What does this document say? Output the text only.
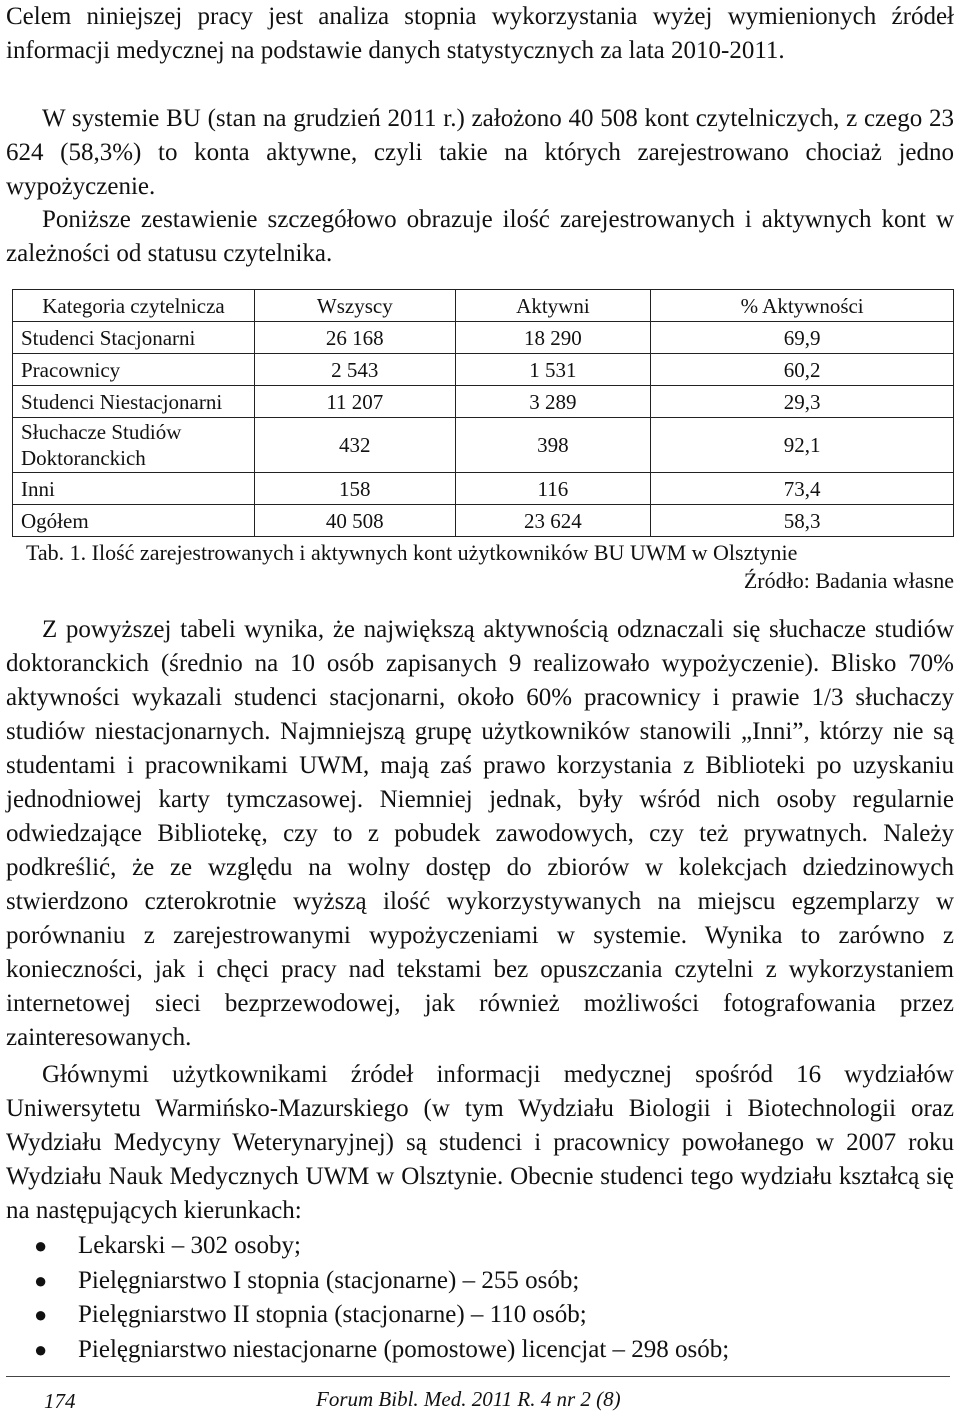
Celem niniejszej pracy jest analiza stopnia wykorzystania wyżej wymienionych źródeł informacji medycznej na podstawie danych statystycznych za lata 2010-2011.

W systemie BU (stan na grudzień 2011 r.) założono 40 508 kont czytelniczych, z czego 23 624 (58,3%) to konta aktywne, czyli takie na których zarejestrowano chociaż jedno wypożyczenie.

Poniższe zestawienie szczegółowo obrazuje ilość zarejestrowanych i aktywnych kont w zależności od statusu czytelnika.

Kategoria czytelnicza	Wszyscy	Aktywni	% Aktywności
Studenci Stacjonarni	26 168	18 290	69,9
Pracownicy	2 543	1 531	60,2
Studenci Niestacjonarni	11 207	3 289	29,3
Słuchacze Studiów Doktoranckich	432	398	92,1
Inni	158	116	73,4
Ogółem	40 508	23 624	58,3

Tab. 1. Ilość zarejestrowanych i aktywnych kont użytkowników BU UWM w Olsztynie

Źródło: Badania własne

Z powyższej tabeli wynika, że największą aktywnością odznaczali się słuchacze studiów doktoranckich (średnio na 10 osób zapisanych 9 realizowało wypożyczenie). Blisko 70% aktywności wykazali studenci stacjonarni, około 60% pracownicy i prawie 1/3 słuchaczy studiów niestacjonarnych. Najmniejszą grupę użytkowników stanowili „Inni”, którzy nie są studentami i pracownikami UWM, mają zaś prawo korzystania z Biblioteki po uzyskaniu jednodniowej karty tymczasowej. Niemniej jednak, były wśród nich osoby regularnie odwiedzające Bibliotekę, czy to z pobudek zawodowych, czy też prywatnych. Należy podkreślić, że ze względu na wolny dostęp do zbiorów w kolekcjach dziedzinowych stwierdzono czterokrotnie wyższą ilość wykorzystywanych na miejscu egzemplarzy w porównaniu z zarejestrowanymi wypożyczeniami w systemie. Wynika to zarówno z konieczności, jak i chęci pracy nad tekstami bez opuszczania czytelni z wykorzystaniem internetowej sieci bezprzewodowej, jak również możliwości fotografowania przez zainteresowanych.

Głównymi użytkownikami źródeł informacji medycznej spośród 16 wydziałów Uniwersytetu Warmińsko-Mazurskiego (w tym Wydziału Biologii i Biotechnologii oraz Wydziału Medycyny Weterynaryjnej) są studenci i pracownicy powołanego w 2007 roku Wydziału Nauk Medycznych UWM w Olsztynie. Obecnie studenci tego wydziału kształcą się na następujących kierunkach:

● Lekarski – 302 osoby;
● Pielęgniarstwo I stopnia (stacjonarne) – 255 osób;
● Pielęgniarstwo II stopnia (stacjonarne) – 110 osób;
● Pielęgniarstwo niestacjonarne (pomostowe) licencjat – 298 osób;
174	Forum Bibl. Med. 2011 R. 4 nr 2 (8)
